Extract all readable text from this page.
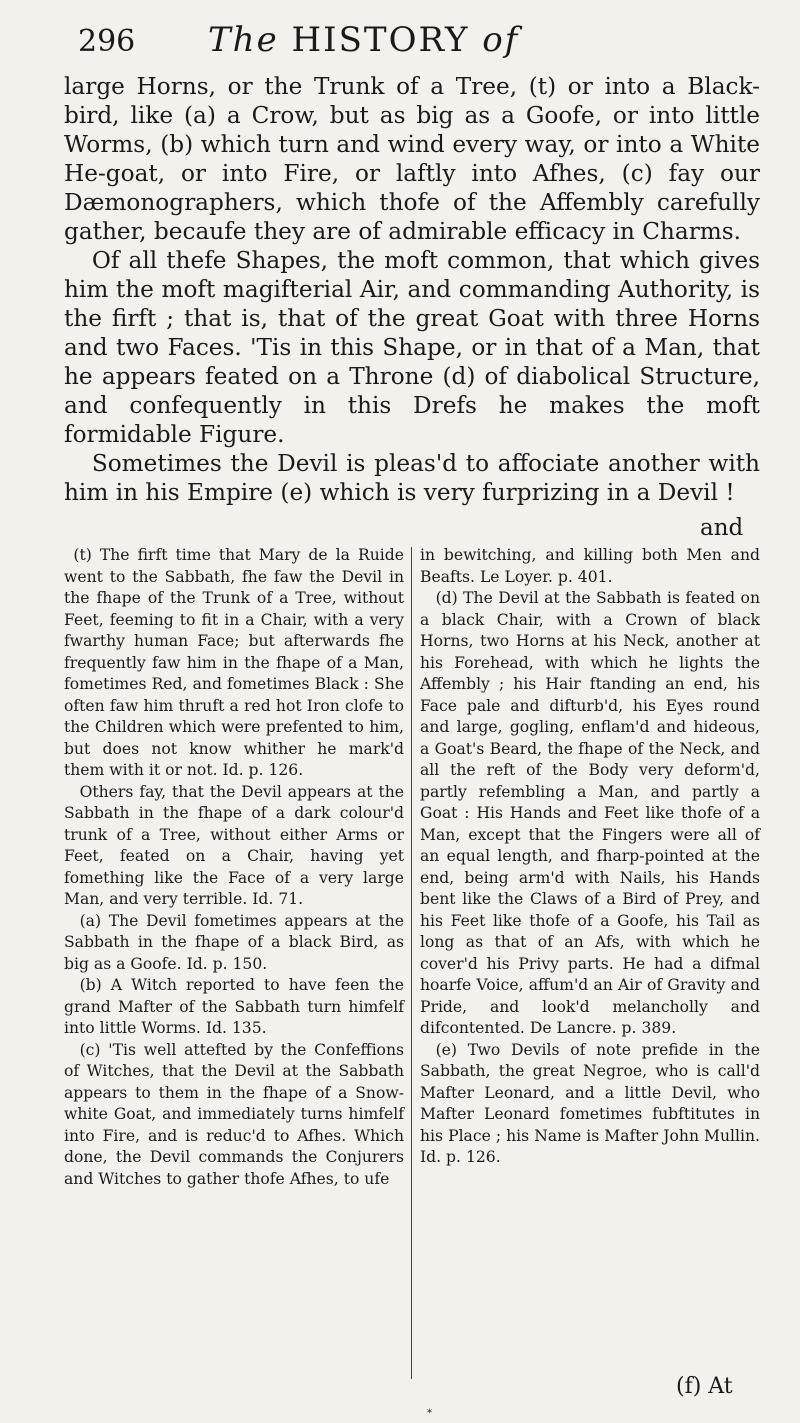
296 The HISTORY of

large Horns, or the Trunk of a Tree, (t) or into a Black-bird, like (a) a Crow, but as big as a Goofe, or into little Worms, (b) which turn and wind every way, or into a White He-goat, or into Fire, or laftly into Afhes, (c) fay our Dæmonographers, which thofe of the Affembly carefully gather, becaufe they are of admirable efficacy in Charms.

Of all thefe Shapes, the moft common, that which gives him the moft magifterial Air, and commanding Authority, is the firft ; that is, that of the great Goat with three Horns and two Faces. 'Tis in this Shape, or in that of a Man, that he appears feated on a Throne (d) of diabolical Structure, and confequently in this Drefs he makes the moft formidable Figure.

Sometimes the Devil is pleas'd to affociate another with him in his Empire (e) which is very furprizing in a Devil !

and

(t) The firft time that Mary de la Ruide went to the Sabbath, fhe faw the Devil in the fhape of the Trunk of a Tree, without Feet, feeming to fit in a Chair, with a very fwarthy human Face; but afterwards fhe frequently faw him in the fhape of a Man, fometimes Red, and fometimes Black : She often faw him thruft a red hot Iron clofe to the Children which were prefented to him, but does not know whither he mark'd them with it or not. Id. p. 126.

Others fay, that the Devil appears at the Sabbath in the fhape of a dark colour'd trunk of a Tree, without either Arms or Feet, feated on a Chair, having yet fomething like the Face of a very large Man, and very terrible. Id. 71.

(a) The Devil fometimes appears at the Sabbath in the fhape of a black Bird, as big as a Goofe. Id. p. 150.

(b) A Witch reported to have feen the grand Mafter of the Sabbath turn himfelf into little Worms. Id. 135.

(c) 'Tis well attefted by the Confeffions of Witches, that the Devil at the Sabbath appears to them in the fhape of a Snow-white Goat, and immediately turns himfelf into Fire, and is reduc'd to Afhes. Which done, the Devil commands the Conjurers and Witches to gather thofe Afhes, to ufe

in bewitching, and killing both Men and Beafts. Le Loyer. p. 401.

(d) The Devil at the Sabbath is feated on a black Chair, with a Crown of black Horns, two Horns at his Neck, another at his Forehead, with which he lights the Affembly ; his Hair ftanding an end, his Face pale and difturb'd, his Eyes round and large, gogling, enflam'd and hideous, a Goat's Beard, the fhape of the Neck, and all the reft of the Body very deform'd, partly refembling a Man, and partly a Goat : His Hands and Feet like thofe of a Man, except that the Fingers were all of an equal length, and fharp-pointed at the end, being arm'd with Nails, his Hands bent like the Claws of a Bird of Prey, and his Feet like thofe of a Goofe, his Tail as long as that of an Afs, with which he cover'd his Privy parts. He had a difmal hoarfe Voice, affum'd an Air of Gravity and Pride, and look'd melancholly and difcontented. De Lancre. p. 389.

(e) Two Devils of note prefide in the Sabbath, the great Negroe, who is call'd Mafter Leonard, and a little Devil, who Mafter Leonard fometimes fubftitutes in his Place ; his Name is Mafter John Mullin. Id. p. 126.

(f) At
*
